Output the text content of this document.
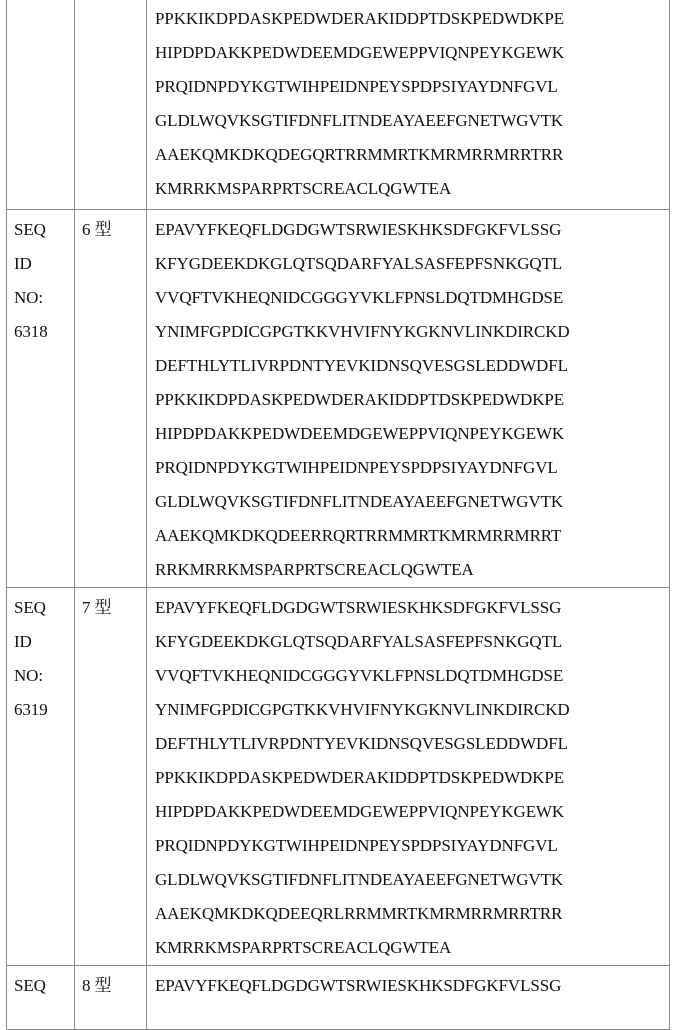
PPKKIKDPDASKPEDWDERAKIDDPTDSKPEDWDKPE
HIPDPDAKKPEDWDEEMDGEWEPPVIQNPEYKGEWK
PRQIDNPDYKGTWIHPEIDNPEYSPDPSIYAYDNFGVL
GLDLWQVKSGTIFDNFLITNDEAYAEEFGNETWGVTK
AAEKQMKDKQDEGQRTRRMMRTKMRMRRMRRTRR
KMRRKMSPARPRTSCREACLQGWTEA

SEQ
ID
NO:
6318

6 型	EPAVYFKEQFLDGDGWTSRWIESKHKSDFGKFVLSSG
KFYGDEEKDKGLQTSQDARFYALSASFEPFSNKGQTL
VVQFTVKHEQNIDCGGGYVKLFPNSLDQTDMHGDSE
YNIMFGPDICGPGTKKVHVIFNYKGKNVLINKDIRCKD
DEFTHLYTLIVRPDNTYEVKIDNSQVESGSLEDDWDFL
PPKKIKDPDASKPEDWDERAKIDDPTDSKPEDWDKPE
HIPDPDAKKPEDWDEEMDGEWEPPVIQNPEYKGEWK
PRQIDNPDYKGTWIHPEIDNPEYSPDPSIYAYDNFGVL
GLDLWQVKSGTIFDNFLITNDEAYAEEFGNETWGVTK
AAEKQMKDKQDEERRQRTRRMMRTKMRMRRMRRT
RRKMRRKMSPARPRTSCREACLQGWTEA

SEQ
ID
NO:
6319

7 型	EPAVYFKEQFLDGDGWTSRWIESKHKSDFGKFVLSSG
KFYGDEEKDKGLQTSQDARFYALSASFEPFSNKGQTL
VVQFTVKHEQNIDCGGGYVKLFPNSLDQTDMHGDSE
YNIMFGPDICGPGTKKVHVIFNYKGKNVLINKDIRCKD
DEFTHLYTLIVRPDNTYEVKIDNSQVESGSLEDDWDFL
PPKKIKDPDASKPEDWDERAKIDDPTDSKPEDWDKPE
HIPDPDAKKPEDWDEEMDGEWEPPVIQNPEYKGEWK
PRQIDNPDYKGTWIHPEIDNPEYSPDPSIYAYDNFGVL
GLDLWQVKSGTIFDNFLITNDEAYAEEFGNETWGVTK
AAEKQMKDKQDEEQRLRRMMRTKMRMRRMRRTRR
KMRRKMSPARPRTSCREACLQGWTEA

SEQ	8 型	EPAVYFKEQFLDGDGWTSRWIESKHKSDFGKFVLSSG
